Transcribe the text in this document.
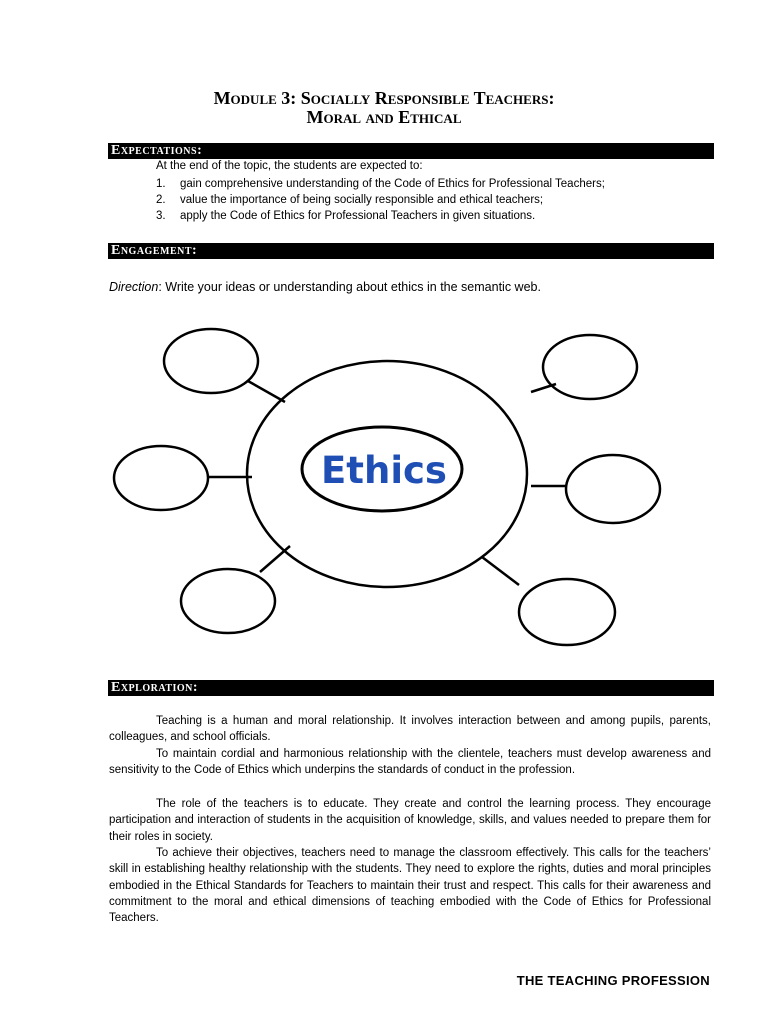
Module 3: Socially Responsible Teachers:
Moral and Ethical
Expectations:
At the end of the topic, the students are expected to:
1.	gain comprehensive understanding of the Code of Ethics for Professional Teachers;
2.	value the importance of being socially responsible and ethical teachers;
3.	apply the Code of Ethics for Professional Teachers in given situations.
Engagement:
Direction: Write your ideas or understanding about ethics in the semantic web.
Ethics
Exploration:

Teaching is a human and moral relationship. It involves interaction between and among pupils, parents, colleagues, and school officials.

To maintain cordial and harmonious relationship with the clientele, teachers must develop awareness and sensitivity to the Code of Ethics which underpins the standards of conduct in the profession.

The role of the teachers is to educate. They create and control the learning process. They encourage participation and interaction of students in the acquisition of knowledge, skills, and values needed to prepare them for their roles in society.

To achieve their objectives, teachers need to manage the classroom effectively. This calls for the teachers’ skill in establishing healthy relationship with the students. They need to explore the rights, duties and moral principles embodied in the Ethical Standards for Teachers to maintain their trust and respect. This calls for their awareness and commitment to the moral and ethical dimensions of teaching embodied with the Code of Ethics for Professional Teachers.

THE TEACHING PROFESSION
